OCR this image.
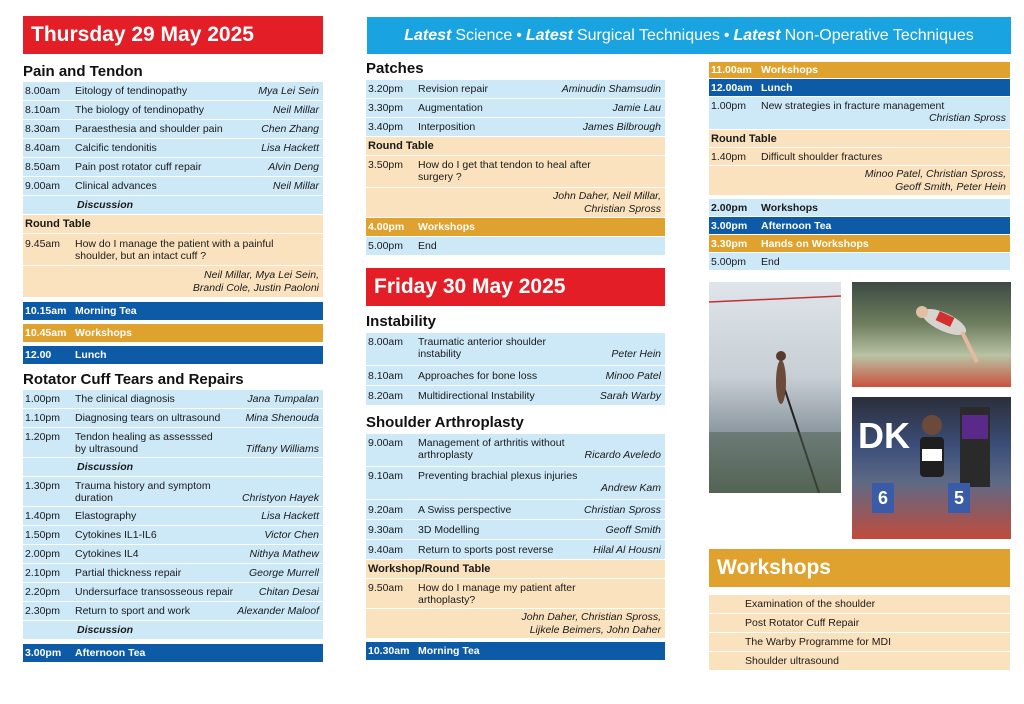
Latest Science • Latest Surgical Techniques • Latest Non-Operative Techniques
Thursday 29 May 2025
Pain and Tendon
8.00am	Eitology of tendinopathy	Mya Lei Sein
8.10am	The biology of tendinopathy	Neil Millar
8.30am	Paraesthesia and shoulder pain	Chen Zhang
8.40am	Calcific tendonitis	Lisa Hackett
8.50am	Pain post rotator cuff repair	Alvin Deng
9.00am	Clinical advances	Neil Millar
Discussion
Round Table
9.45am	How do I manage the patient with a painful
shoulder, but an intact cuff ?
Neil Millar, Mya Lei Sein,
Brandi Cole, Justin Paoloni
10.15am Morning Tea
10.45am Workshops
12.00	Lunch
Rotator Cuff Tears and Repairs
1.00pm	The clinical diagnosis	Jana Tumpalan
1.10pm	Diagnosing tears on ultrasound	Mina Shenouda
1.20pm	Tendon healing as assesssed
by ultrasound	Tiffany Williams
Discussion
1.30pm	Trauma history and symptom
duration	Christyon Hayek
1.40pm	Elastography	Lisa Hackett
1.50pm	Cytokines IL1-IL6	Victor Chen
2.00pm	Cytokines IL4	Nithya Mathew
2.10pm	Partial thickness repair	George Murrell
2.20pm	Undersurface transosseous repair	Chitan Desai
2.30pm	Return to sport and work	Alexander Maloof
Discussion
3.00pm	Afternoon Tea
Patches
3.20pm	Revision repair	Aminudin Shamsudin
3.30pm	Augmentation	Jamie Lau
3.40pm	Interposition	James Bilbrough
Round Table
3.50pm	How do I get that tendon to heal after
surgery ?
John Daher, Neil Millar,
Christian Spross
4.00pm	Workshops
5.00pm	End
Friday 30 May 2025
Instability
8.00am	Traumatic anterior shoulder
instability	Peter Hein
8.10am	Approaches for bone loss	Minoo Patel
8.20am	Multidirectional Instability	Sarah Warby
Shoulder Arthroplasty
9.00am	Management of arthritis without
arthroplasty	Ricardo Aveledo
9.10am	Preventing brachial plexus injuries
Andrew Kam
9.20am	A Swiss perspective	Christian Spross
9.30am	3D Modelling	Geoff Smith
9.40am	Return to sports post reverse	Hilal Al Housni
Workshop/Round Table
9.50am	How do I manage my patient after
arthoplasty?
John Daher, Christian Spross,
Lijkele Beimers, John Daher
10.30am Morning Tea
11.00am Workshops
12.00am Lunch
1.00pm	New strategies in fracture management
Christian Spross
Round Table
1.40pm	Difficult shoulder fractures
Minoo Patel, Christian Spross,
Geoff Smith, Peter Hein
2.00pm	Workshops
3.00pm	Afternoon Tea
3.30pm	Hands on Workshops
5.00pm	End
DK
6	5
Workshops
Examination of the shoulder
Post Rotator Cuff Repair
The Warby Programme for MDI
Shoulder ultrasound
